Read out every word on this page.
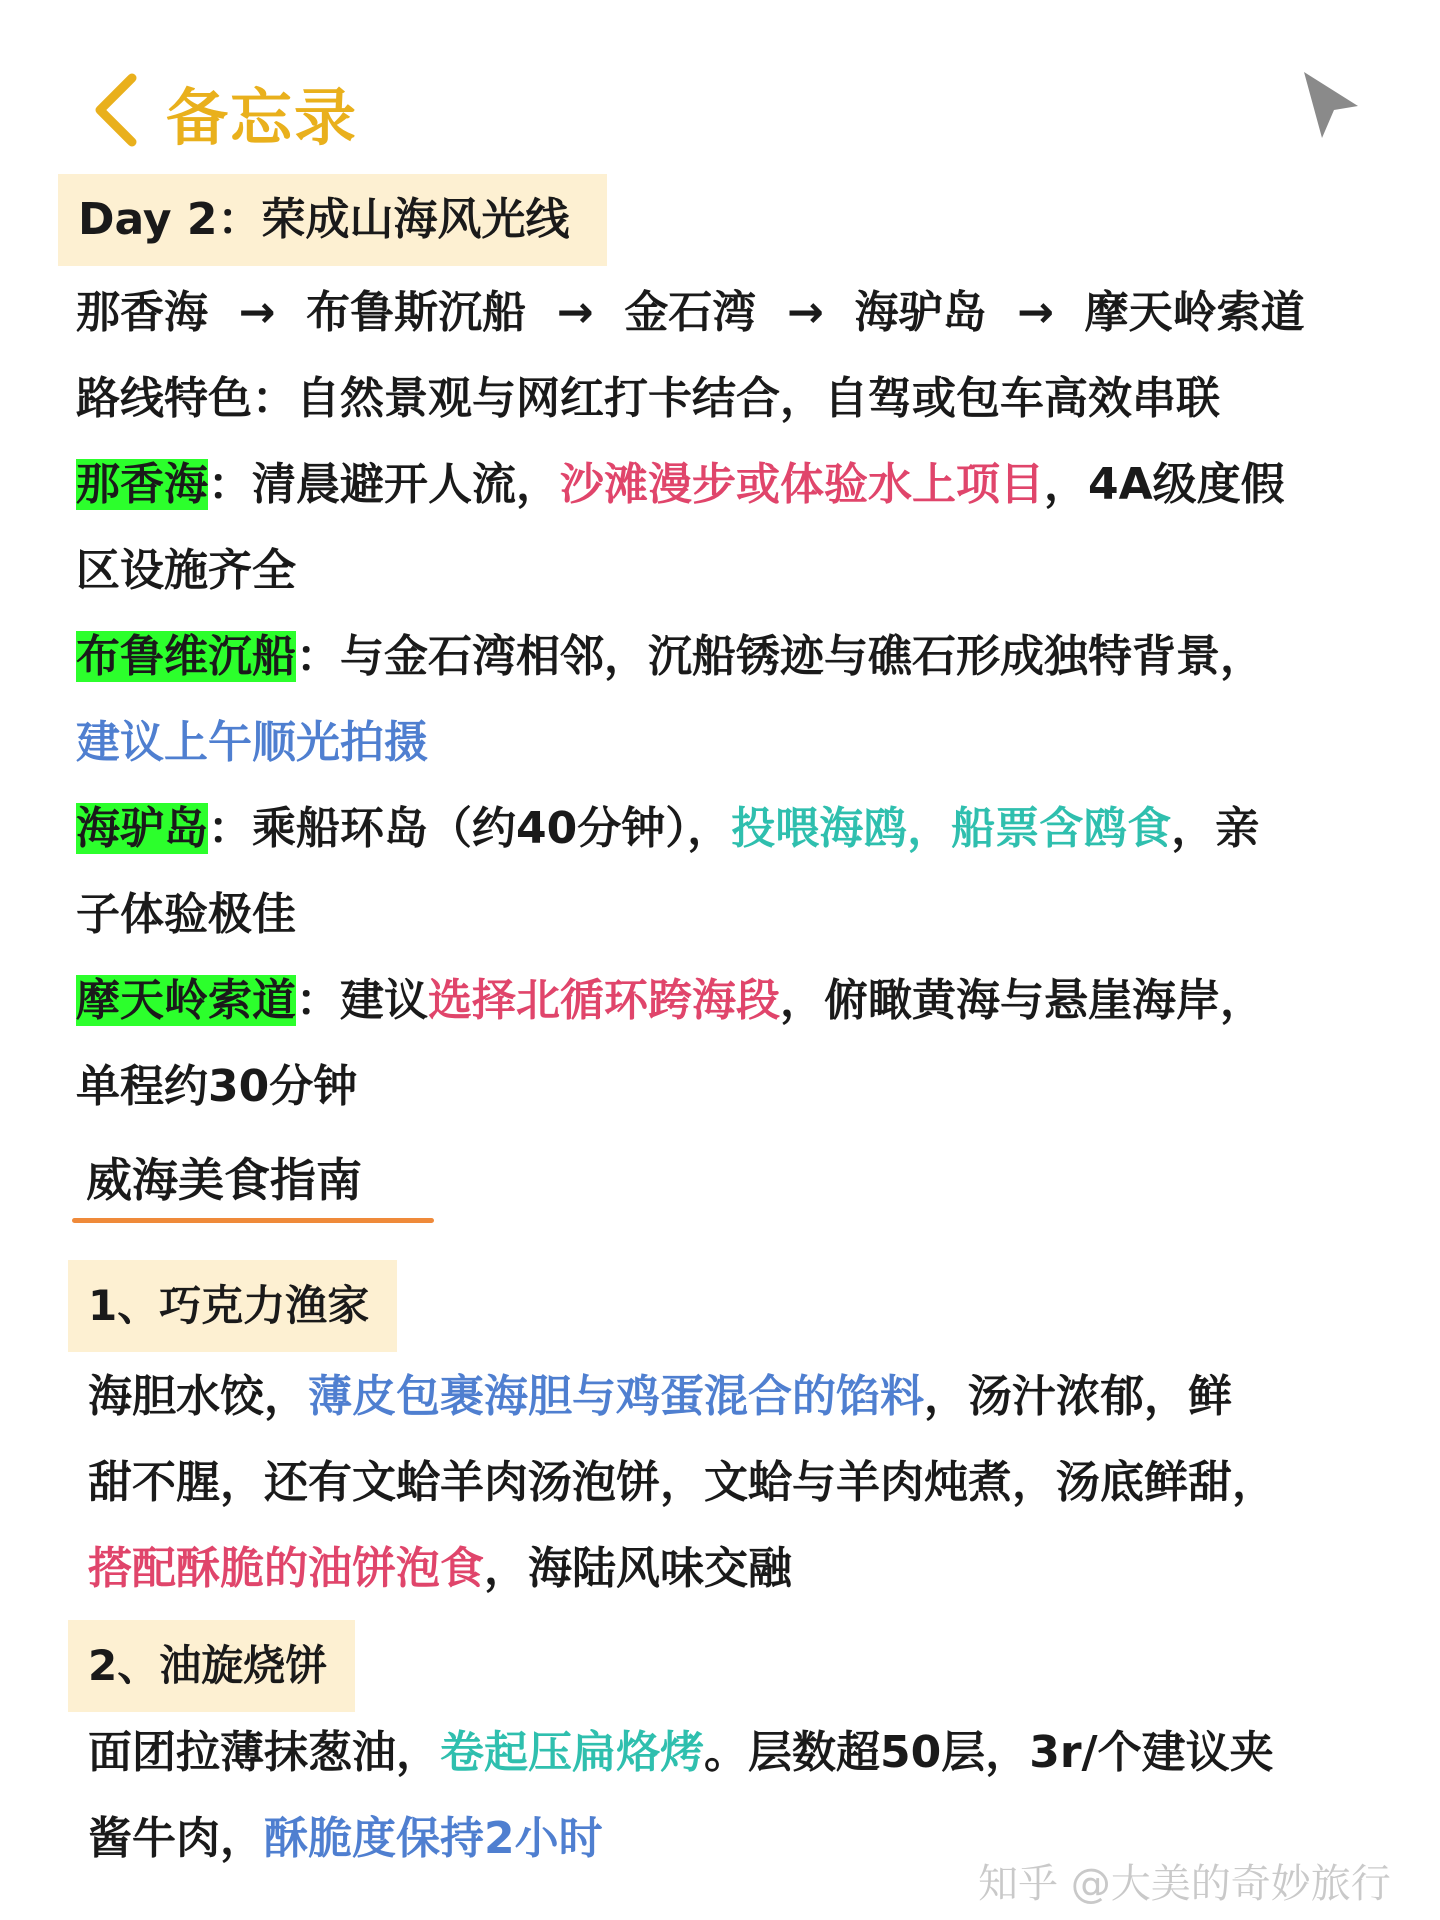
备忘录
Day 2：荣成山海风光线
那香海 → 布鲁斯沉船 → 金石湾 → 海驴岛 → 摩天岭索道
路线特色：自然景观与网红打卡结合，自驾或包车高效串联
那香海：清晨避开人流，沙滩漫步或体验水上项目，4A级度假
区设施齐全
布鲁维沉船：与金石湾相邻，沉船锈迹与礁石形成独特背景，
建议上午顺光拍摄
海驴岛：乘船环岛（约40分钟），投喂海鸥，船票含鸥食，亲
子体验极佳
摩天岭索道：建议选择北循环跨海段，俯瞰黄海与悬崖海岸，
单程约30分钟
威海美食指南
1、巧克力渔家
海胆水饺，薄皮包裹海胆与鸡蛋混合的馅料，汤汁浓郁，鲜
甜不腥，还有文蛤羊肉汤泡饼，文蛤与羊肉炖煮，汤底鲜甜，
搭配酥脆的油饼泡食，海陆风味交融
2、油旋烧饼
面团拉薄抹葱油，卷起压扁烙烤。层数超50层，3r/个建议夹
酱牛肉，酥脆度保持2小时
知乎 @大美的奇妙旅行
